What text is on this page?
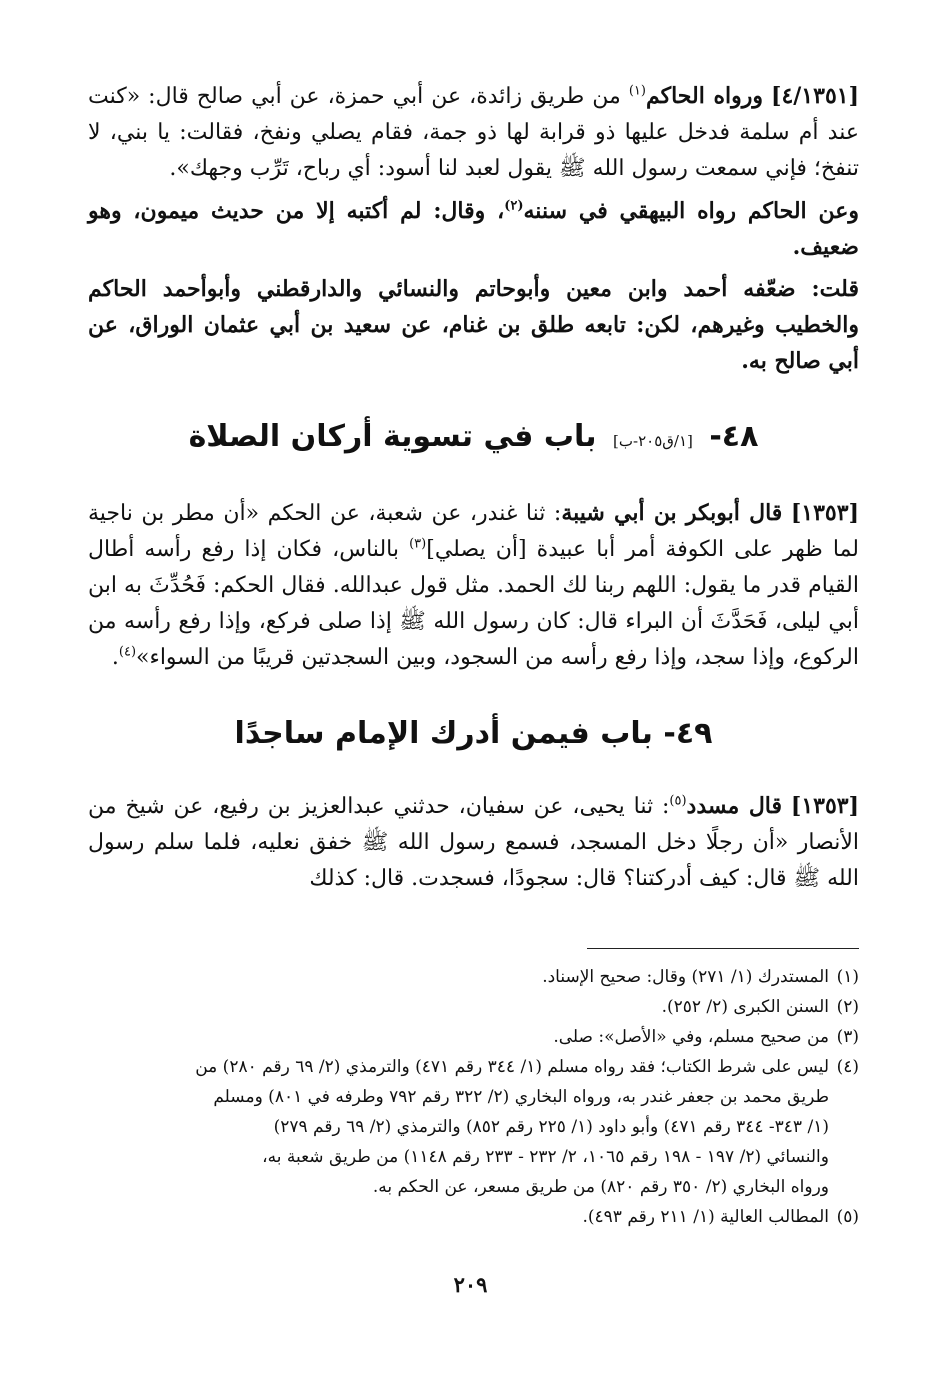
[٤/١٣٥١] ورواه الحاكم$^{(١)}$ من طريق زائدة، عن أبي حمزة، عن أبي صالح قال: «كنت عند أم سلمة فدخل عليها ذو قرابة لها ذو جمة، فقام يصلي ونفخ، فقالت: يا بني، لا تنفخ؛ فإني سمعت رسول الله ﷺ يقول لعبد لنا أسود: أي رباح، تَرِّب وجهك».

وعن الحاكم رواه البيهقي في سننه$^{(٢)}$، وقال: لم أكتبه إلا من حديث ميمون، وهو ضعيف.

قلت: ضعّفه أحمد وابن معين وأبوحاتم والنسائي والدارقطني وأبوأحمد الحاكم والخطيب وغيرهم، لكن: تابعه طلق بن غنام، عن سعيد بن أبي عثمان الوراق، عن أبي صالح به.

٤٨- [١/ق٢٠٥-ب] باب في تسوية أركان الصلاة

[١٣٥٣] قال أبوبكر بن أبي شيبة: ثنا غندر، عن شعبة، عن الحكم «أن مطر بن ناجية لما ظهر على الكوفة أمر أبا عبيدة [أن يصلي]$^{(٣)}$ بالناس، فكان إذا رفع رأسه أطال القيام قدر ما يقول: اللهم ربنا لك الحمد. مثل قول عبدالله. فقال الحكم: فَحُدِّثَ به ابن أبي ليلى، فَحَدَّثَ أن البراء قال: كان رسول الله ﷺ إذا صلى فركع، وإذا رفع رأسه من الركوع، وإذا سجد، وإذا رفع رأسه من السجود، وبين السجدتين قريبًا من السواء»$^{(٤)}$.

٤٩- باب فيمن أدرك الإمام ساجدًا

[١٣٥٣] قال مسدد$^{(٥)}$: ثنا يحيى، عن سفيان، حدثني عبدالعزيز بن رفيع، عن شيخ من الأنصار «أن رجلًا دخل المسجد، فسمع رسول الله ﷺ خفق نعليه، فلما سلم رسول الله ﷺ قال: كيف أدركتنا؟ قال: سجودًا، فسجدت. قال: كذلك

(١)المستدرك (١/ ٢٧١) وقال: صحيح الإسناد.

(٢)السنن الكبرى (٢/ ٢٥٢).

(٣)من صحيح مسلم، وفي «الأصل»: صلى.

(٤)ليس على شرط الكتاب؛ فقد رواه مسلم (١/ ٣٤٤ رقم ٤٧١) والترمذي (٢/ ٦٩ رقم ٢٨٠) من

طريق محمد بن جعفر غندر به، ورواه البخاري (٢/ ٣٢٢ رقم ٧٩٢ وطرفه في ٨٠١) ومسلم

(١/ ٣٤٣- ٣٤٤ رقم ٤٧١) وأبو داود (١/ ٢٢٥ رقم ٨٥٢) والترمذي (٢/ ٦٩ رقم ٢٧٩)

والنسائي (٢/ ١٩٧ - ١٩٨ رقم ١٠٦٥، ٢/ ٢٣٢ - ٢٣٣ رقم ١١٤٨) من طريق شعبة به،

ورواه البخاري (٢/ ٣٥٠ رقم ٨٢٠) من طريق مسعر، عن الحكم به.

(٥)المطالب العالية (١/ ٢١١ رقم ٤٩٣).

٢٠٩
